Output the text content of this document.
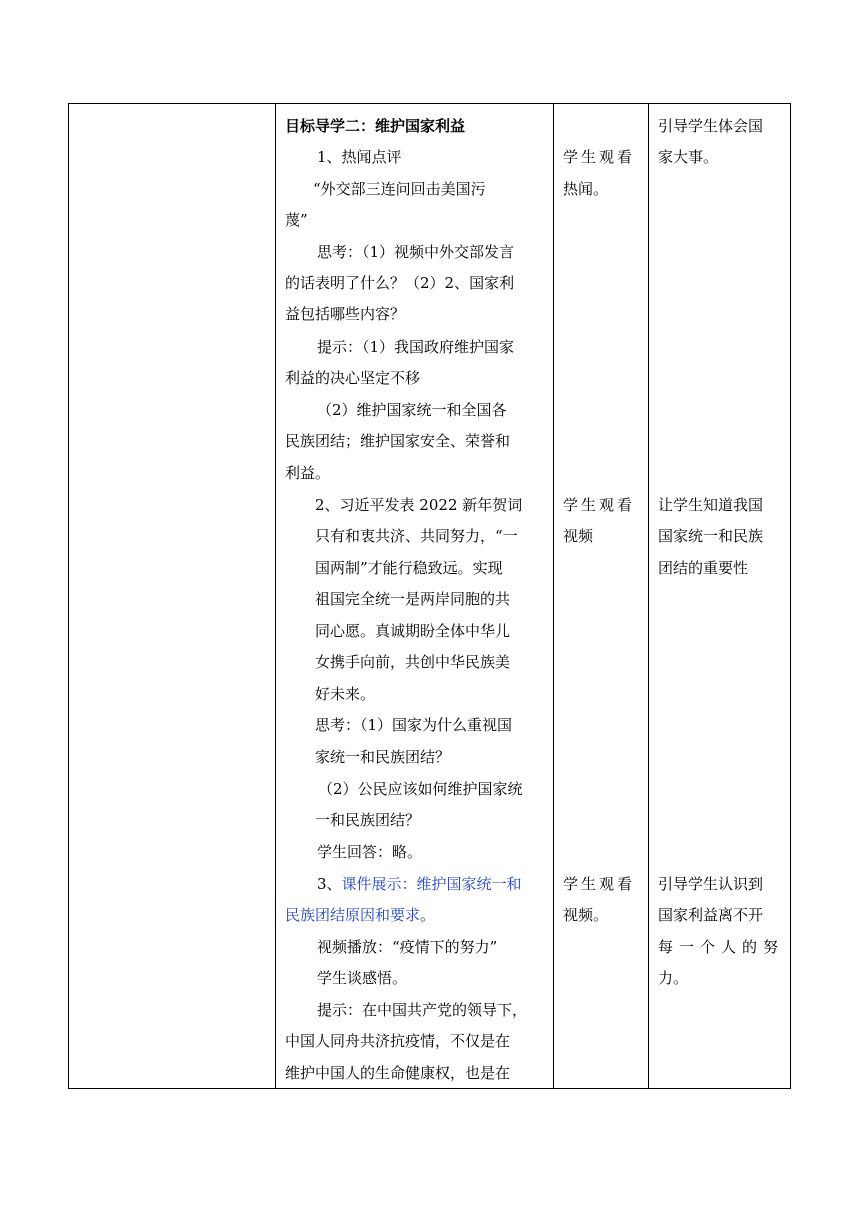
目标导学二：维护国家利益
1、热闻点评
“外交部三连问回击美国污
蔑”
思考：（1）视频中外交部发言
的话表明了什么？（2）2、国家利
益包括哪些内容？
提示：（1）我国政府维护国家
利益的决心坚定不移
（2）维护国家统一和全国各
民族团结；维护国家安全、荣誉和
利益。
2、习近平发表 2022 新年贺词
只有和衷共济、共同努力，“一
国两制”才能行稳致远。实现
祖国完全统一是两岸同胞的共
同心愿。真诚期盼全体中华儿
女携手向前，共创中华民族美
好未来。
思考：（1）国家为什么重视国
家统一和民族团结？
（2）公民应该如何维护国家统
一和民族团结？
学生回答：略。
3、课件展示：维护国家统一和
民族团结原因和要求。
视频播放：“疫情下的努力”
学生谈感悟。
提示：在中国共产党的领导下，
中国人同舟共济抗疫情，不仅是在
维护中国人的生命健康权，也是在
学生观看
热闻。
学生观看
视频
学生观看
视频。
引导学生体会国
家大事。
让学生知道我国
国家统一和民族
团结的重要性
引导学生认识到
国家利益离不开
每一个人的努
力。
